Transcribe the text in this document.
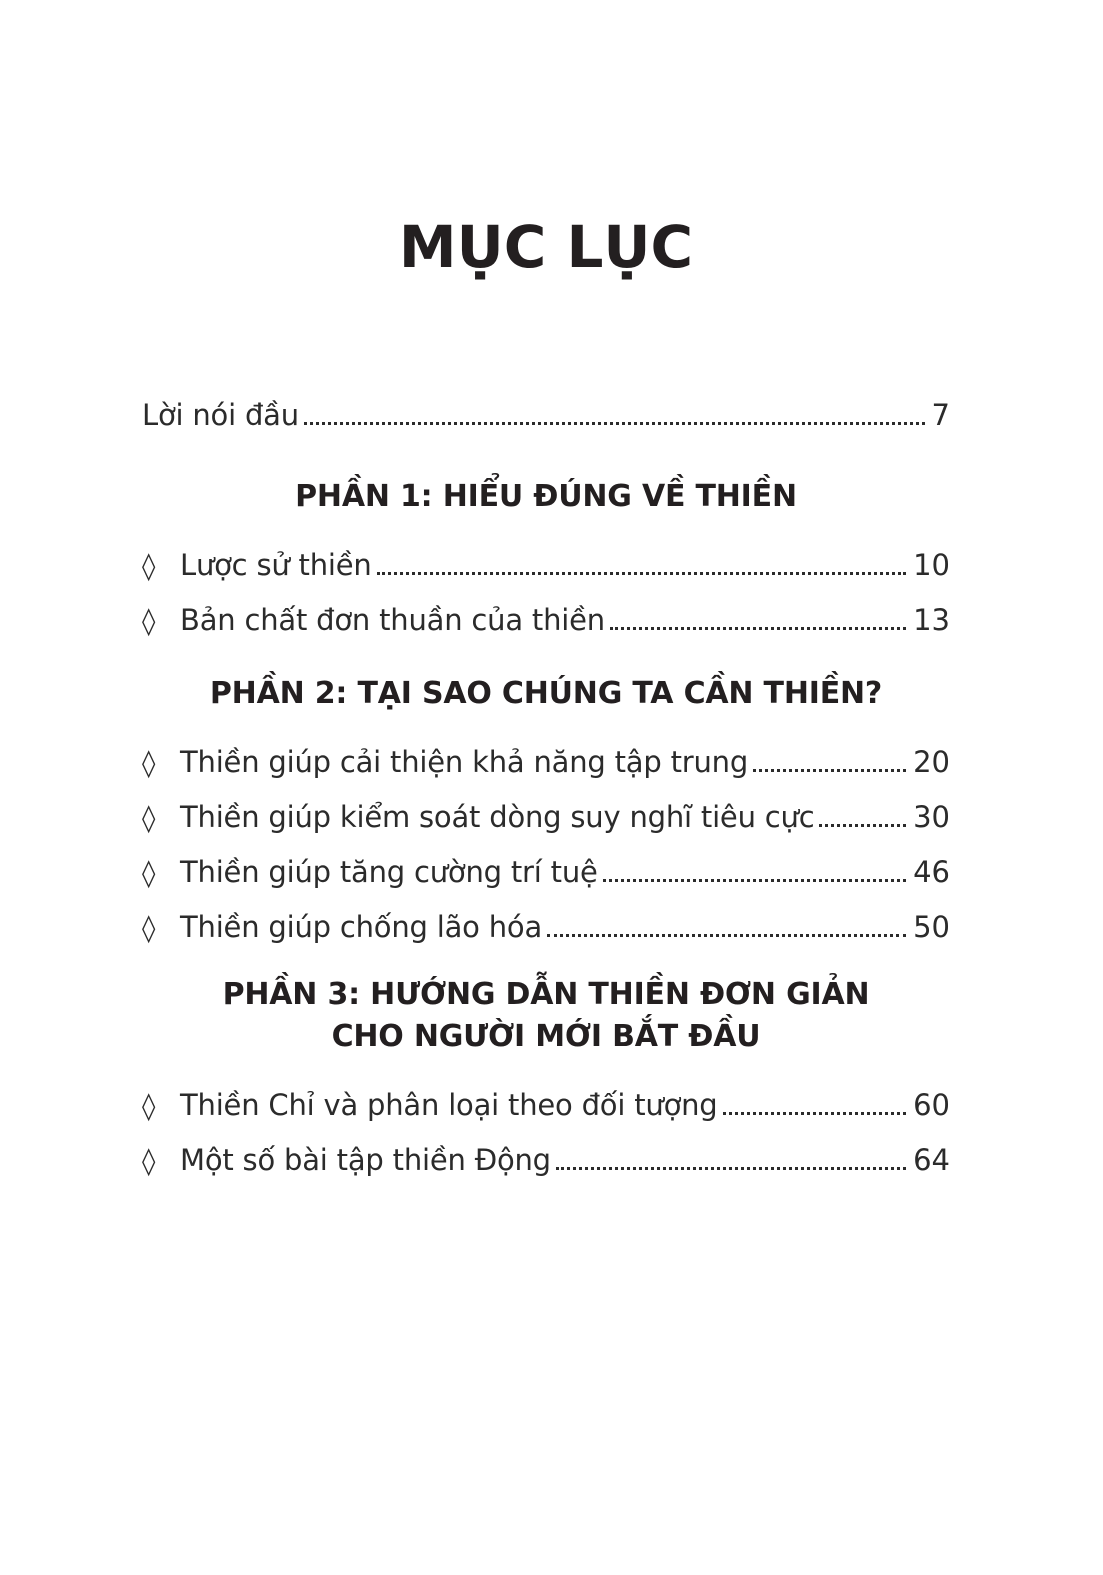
MỤC LỤC
Lời nói đầu	7
PHẦN 1: HIỂU ĐÚNG VỀ THIỀN
◊ Lược sử thiền	10
◊ Bản chất đơn thuần của thiền	13
PHẦN 2: TẠI SAO CHÚNG TA CẦN THIỀN?
◊ Thiền giúp cải thiện khả năng tập trung	20
◊ Thiền giúp kiểm soát dòng suy nghĩ tiêu cực	30
◊ Thiền giúp tăng cường trí tuệ	46
◊ Thiền giúp chống lão hóa	50
PHẦN 3: HƯỚNG DẪN THIỀN ĐƠN GIẢN
CHO NGƯỜI MỚI BẮT ĐẦU
◊ Thiền Chỉ và phân loại theo đối tượng	60
◊ Một số bài tập thiền Động	64
